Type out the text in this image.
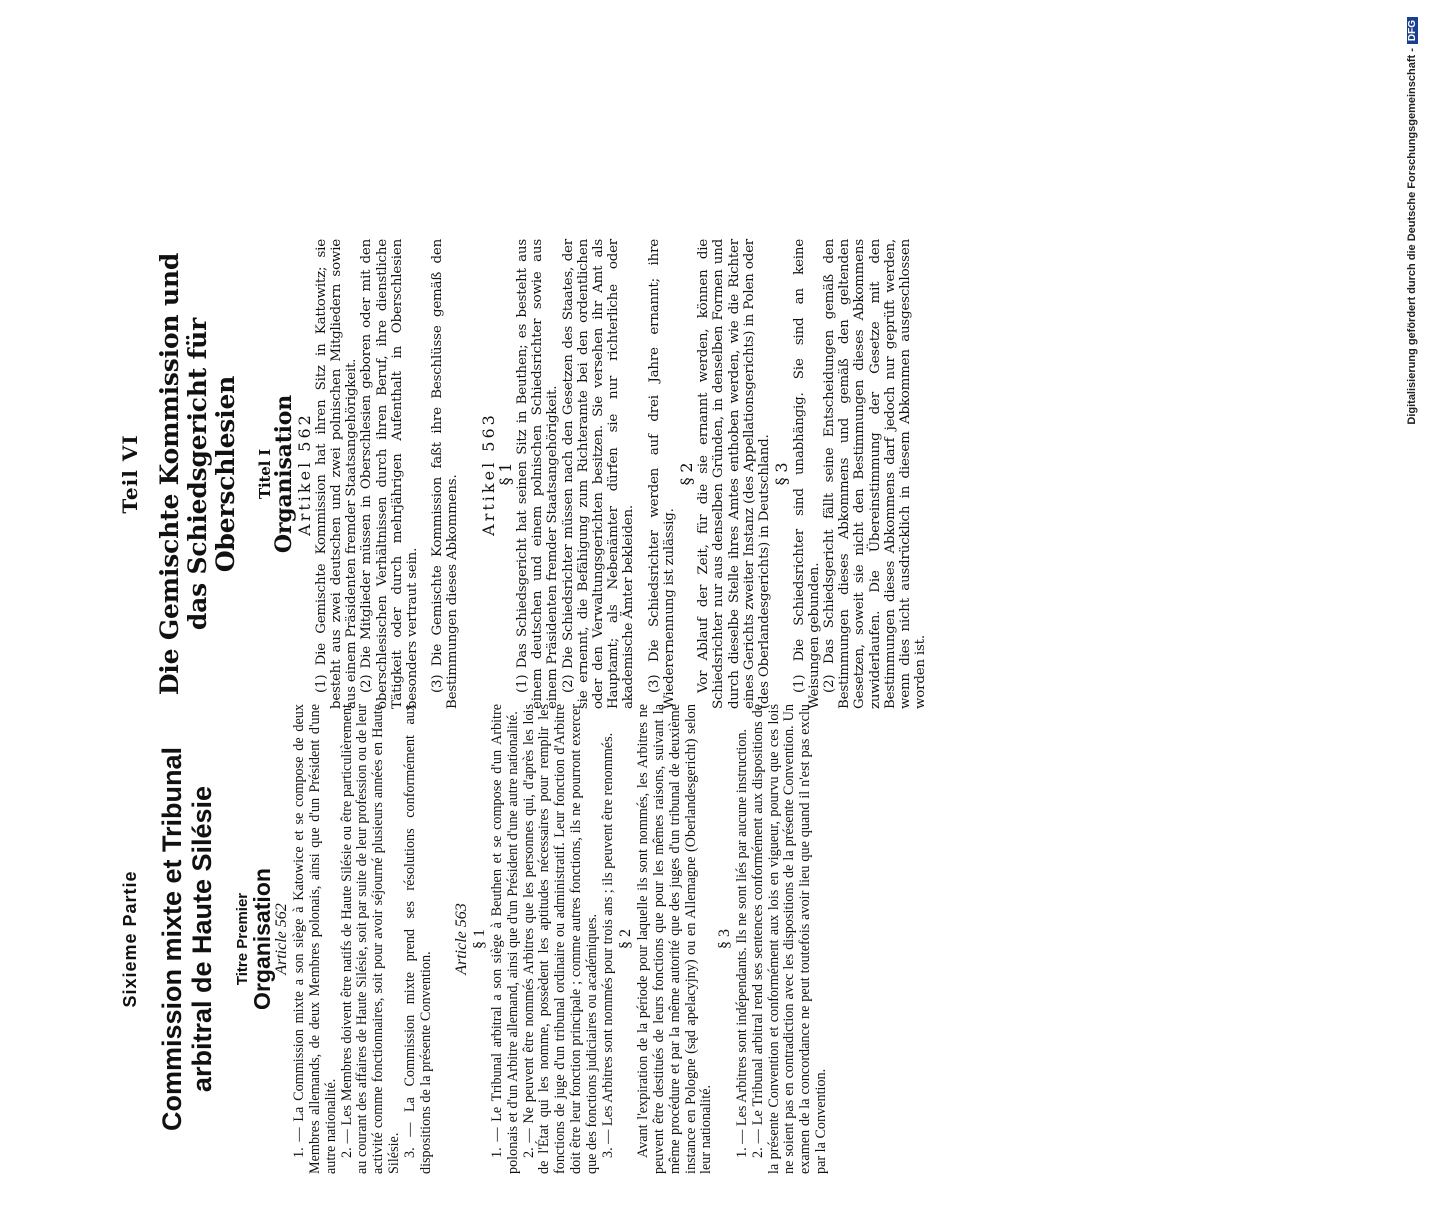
Sixieme Partie Commission mixte et Tribunal arbitral de Haute Silésie Titre Premier
Organisation
Article 562 1. — La Commission mixte a son siège à Katowice et se compose de deux Membres allemands, de deux Membres polonais, ainsi que d'un Président d'une autre nationalité. 2. — Les Membres doivent être natifs de Haute Silésie ou être particulièrement au courant des affaires de Haute Silésie, soit par suite de leur profession ou de leur activité comme fonctionnaires, soit pour avoir séjourné plusieurs années en Haute Silésie. 3. — La Commission mixte prend ses résolutions conformément aux dispositions de la présente Convention.

Article 563 § 1 1. — Le Tribunal arbitral a son siège à Beuthen et se compose d'un Arbitre polonais et d'un Arbitre allemand, ainsi que d'un Président d'une autre nationalité. 2. — Ne peuvent être nommés Arbitres que les personnes qui, d'après les lois de l'État qui les nomme, possèdent les aptitudes nécessaires pour remplir les fonctions de juge d'un tribunal ordinaire ou administratif. Leur fonction d'Arbitre doit être leur fonction principale ; comme autres fonctions, ils ne pourront exercer que des fonctions judiciaires ou académiques. 3. — Les Arbitres sont nommés pour trois ans ; ils peuvent être renommés. § 2 Avant l'expiration de la période pour laquelle ils sont nommés, les Arbitres ne peuvent être destitués de leurs fonctions que pour les mêmes raisons, suivant la même procédure et par la même autorité que des juges d'un tribunal de deuxième instance en Pologne (sąd apelacyjny) ou en Allemagne (Oberlandesgericht) selon leur nationalité.

§ 3 1. — Les Arbitres sont indépendants. Ils ne sont liés par aucune instruction. 2. — Le Tribunal arbitral rend ses sentences conformément aux dispositions de la présente Convention et conformément aux lois en vigueur, pourvu que ces lois ne soient pas en contradiction avec les dispositions de la présente Convention. Un examen de la concordance ne peut toutefois avoir lieu que quand il n'est pas exclu par la Convention.

Teil VI Die Gemischte Kommission und das Schiedsgericht für Oberschlesien Titel I
Organisation
Artikel 562 (1) Die Gemischte Kommission hat ihren Sitz in Kattowitz; sie besteht aus zwei deutschen und zwei polnischen Mitgliedern sowie aus einem Präsidenten fremder Staatsangehörigkeit. (2) Die Mitglieder müssen in Oberschlesien geboren oder mit den oberschlesischen Verhältnissen durch ihren Beruf, ihre dienstliche Tätigkeit oder durch mehrjährigen Aufenthalt in Oberschlesien besonders vertraut sein. (3) Die Gemischte Kommission faßt ihre Beschlüsse gemäß den Bestimmungen dieses Abkommens.

Artikel 563
§ 1 (1) Das Schiedsgericht hat seinen Sitz in Beuthen; es besteht aus einem deutschen und einem polnischen Schiedsrichter sowie aus einem Präsidenten fremder Staatsangehörigkeit. (2) Die Schiedsrichter müssen nach den Gesetzen des Staates, der sie ernennt, die Befähigung zum Richteramte bei den ordentlichen oder den Verwaltungsgerichten besitzen. Sie versehen ihr Amt als Hauptamt; als Nebenämter dürfen sie nur richterliche oder akademische Ämter bekleiden. (3) Die Schiedsrichter werden auf drei Jahre ernannt; ihre Wiederernennung ist zulässig.

§ 2 Vor Ablauf der Zeit, für die sie ernannt werden, können die Schiedsrichter nur aus denselben Gründen, in denselben Formen und durch dieselbe Stelle ihres Amtes enthoben werden, wie die Richter eines Gerichts zweiter Instanz (des Appellationsgerichts) in Polen oder (des Oberlandesgerichts) in Deutschland. § 3 (1) Die Schiedsrichter sind unabhängig. Sie sind an keine Weisungen gebunden. (2) Das Schiedsgericht fällt seine Entscheidungen gemäß den Bestimmungen dieses Abkommens und gemäß den geltenden Gesetzen, soweit sie nicht den Bestimmungen dieses Abkommens zuwiderlaufen. Die Übereinstimmung der Gesetze mit den Bestimmungen dieses Abkommens darf jedoch nur geprüft werden, wenn dies nicht ausdrücklich in diesem Abkommen ausgeschlossen worden ist.

Digitalisierung gefördert durch die Deutsche Forschungsgemeinschaft -DFG
